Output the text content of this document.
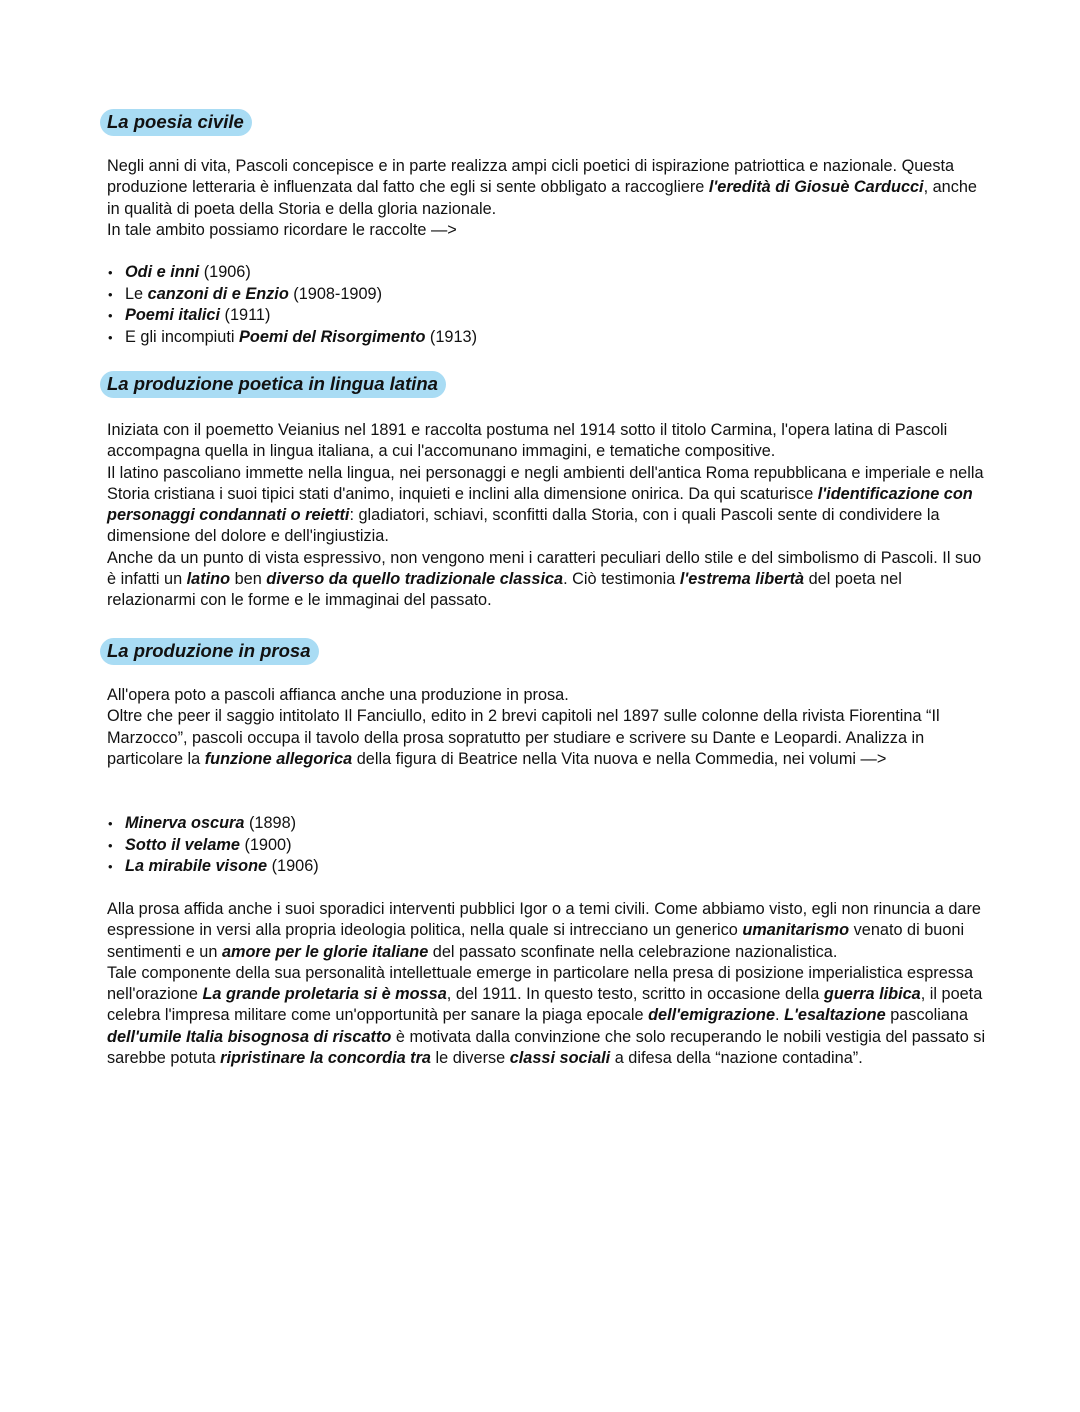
La poesia civile

Negli anni di vita, Pascoli concepisce e in parte realizza ampi cicli poetici di ispirazione patriottica e nazionale. Questa produzione letteraria è influenzata dal fatto che egli si sente obbligato a raccogliere l'eredità di Giosuè Carducci, anche in qualità di poeta della Storia e della gloria nazionale.

In tale ambito possiamo ricordare le raccolte —>

• Odi e inni (1906)
• Le canzoni di e Enzio (1908-1909)
• Poemi italici (1911)
• E gli incompiuti Poemi del Risorgimento (1913)
La produzione poetica in lingua latina

Iniziata con il poemetto Veianius nel 1891 e raccolta postuma nel 1914 sotto il titolo Carmina, l'opera latina di Pascoli accompagna quella in lingua italiana, a cui l'accomunano immagini, e tematiche compositive.

Il latino pascoliano immette nella lingua, nei personaggi e negli ambienti dell'antica Roma repubblicana e imperiale e nella Storia cristiana i suoi tipici stati d'animo, inquieti e inclini alla dimensione onirica. Da qui scaturisce l'identificazione con personaggi condannati o reietti: gladiatori, schiavi, sconfitti dalla Storia, con i quali Pascoli sente di condividere la dimensione del dolore e dell'ingiustizia.

Anche da un punto di vista espressivo, non vengono meni i caratteri peculiari dello stile e del simbolismo di Pascoli. Il suo è infatti un latino ben diverso da quello tradizionale classica. Ciò testimonia l'estrema libertà del poeta nel relazionarmi con le forme e le immaginai del passato.

La produzione in prosa

All'opera poto a pascoli affianca anche una produzione in prosa.

Oltre che peer il saggio intitolato Il Fanciullo, edito in 2 brevi capitoli nel 1897 sulle colonne della rivista Fiorentina “Il Marzocco”, pascoli occupa il tavolo della prosa sopratutto per studiare e scrivere su Dante e Leopardi. Analizza in particolare la funzione allegorica della figura di Beatrice nella Vita nuova e nella Commedia, nei volumi —>

• Minerva oscura (1898)
• Sotto il velame (1900)
• La mirabile visone (1906)

Alla prosa affida anche i suoi sporadici interventi pubblici Igor o a temi civili. Come abbiamo visto, egli non rinuncia a dare espressione in versi alla propria ideologia politica, nella quale si intrecciano un generico umanitarismo venato di buoni sentimenti e un amore per le glorie italiane del passato sconfinate nella celebrazione nazionalistica.

Tale componente della sua personalità intellettuale emerge in particolare nella presa di posizione imperialistica espressa nell'orazione La grande proletaria si è mossa, del 1911. In questo testo, scritto in occasione della guerra libica, il poeta celebra l'impresa militare come un'opportunità per sanare la piaga epocale dell'emigrazione. L'esaltazione pascoliana dell'umile Italia bisognosa di riscatto è motivata dalla convinzione che solo recuperando le nobili vestigia del passato si sarebbe potuta ripristinare la concordia tra le diverse classi sociali a difesa della “nazione contadina”.
